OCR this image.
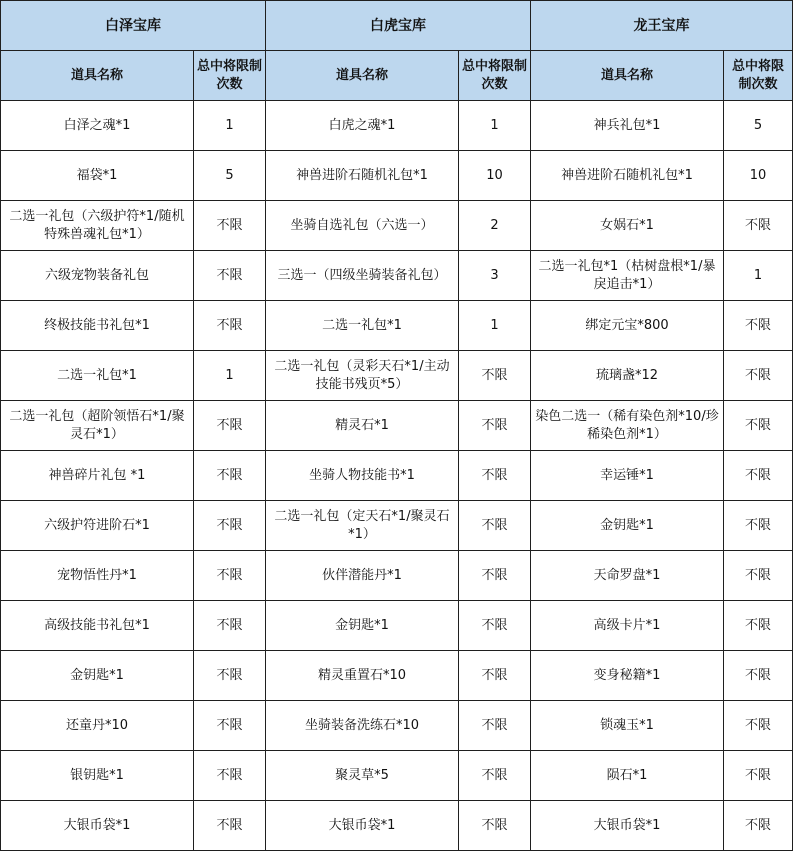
白泽宝库		白虎宝库		龙王宝库	
道具名称	总中将限制次数	道具名称	总中将限制次数	道具名称	总中将限制次数
白泽之魂*1	1	白虎之魂*1	1	神兵礼包*1	5
福袋*1	5	神兽进阶石随机礼包*1	10	神兽进阶石随机礼包*1	10
二选一礼包（六级护符*1/随机特殊兽魂礼包*1）	不限	坐骑自选礼包（六选一）	2	女娲石*1	不限
六级宠物装备礼包	不限	三选一（四级坐骑装备礼包）	3	二选一礼包*1（枯树盘根*1/暴戾追击*1）	1
终极技能书礼包*1	不限	二选一礼包*1	1	绑定元宝*800	不限
二选一礼包*1	1	二选一礼包（灵彩天石*1/主动技能书残页*5）	不限	琉璃盏*12	不限
二选一礼包（超阶领悟石*1/聚灵石*1）	不限	精灵石*1	不限	染色二选一（稀有染色剂*10/珍稀染色剂*1）	不限
神兽碎片礼包 *1	不限	坐骑人物技能书*1	不限	幸运锤*1	不限
六级护符进阶石*1	不限	二选一礼包（定天石*1/聚灵石*1）	不限	金钥匙*1	不限
宠物悟性丹*1	不限	伙伴潜能丹*1	不限	天命罗盘*1	不限
高级技能书礼包*1	不限	金钥匙*1	不限	高级卡片*1	不限
金钥匙*1	不限	精灵重置石*10	不限	变身秘籍*1	不限
还童丹*10	不限	坐骑装备洗练石*10	不限	锁魂玉*1	不限
银钥匙*1	不限	聚灵草*5	不限	陨石*1	不限
大银币袋*1	不限	大银币袋*1	不限	大银币袋*1	不限
